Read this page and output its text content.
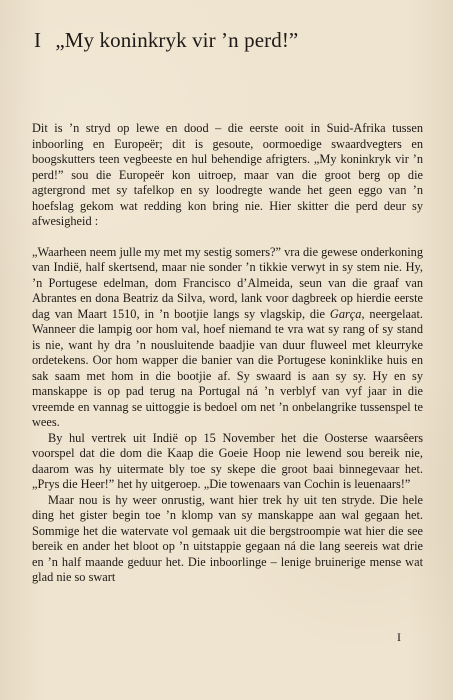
I „My koninkryk vir ’n perd!”

Dit is ’n stryd op lewe en dood – die eerste ooit in Suid-Afrika tussen inboorling en Europeër; dit is gesoute, oormoedige swaardvegters en boogskutters teen vegbeeste en hul behendige afrigters. „My koninkryk vir ’n perd!” sou die Europeër kon uitroep, maar van die groot berg op die agtergrond met sy tafelkop en sy loodregte wande het geen eggo van ’n hoefslag gekom wat redding kon bring nie. Hier skitter die perd deur sy afwesigheid :

„Waarheen neem julle my met my sestig somers?” vra die gewese onderkoning van Indië, half skertsend, maar nie sonder ’n tikkie verwyt in sy stem nie. Hy, ’n Portugese edelman, dom Francisco d’Almeida, seun van die graaf van Abrantes en dona Beatriz da Silva, word, lank voor dagbreek op hierdie eerste dag van Maart 1510, in ’n bootjie langs sy vlagskip, die Garça, neergelaat. Wanneer die lampig oor hom val, hoef niemand te vra wat sy rang of sy stand is nie, want hy dra ’n nousluitende baadjie van duur fluweel met kleurryke ordetekens. Oor hom wapper die banier van die Portugese koninklike huis en sak saam met hom in die bootjie af. Sy swaard is aan sy sy. Hy en sy manskappe is op pad terug na Portugal ná ’n verblyf van vyf jaar in die vreemde en vannag se uittoggie is bedoel om net ’n onbelangrike tussenspel te wees.

By hul vertrek uit Indië op 15 November het die Oosterse waarsêers voorspel dat die dom die Kaap die Goeie Hoop nie lewend sou bereik nie, daarom was hy uitermate bly toe sy skepe die groot baai binnegevaar het. „Prys die Heer!” het hy uitgeroep. „Die towenaars van Cochin is leuenaars!”

Maar nou is hy weer onrustig, want hier trek hy uit ten stryde. Die hele ding het gister begin toe ’n klomp van sy manskappe aan wal gegaan het. Sommige het die watervate vol gemaak uit die bergstroompie wat hier die see bereik en ander het bloot op ’n uitstappie gegaan ná die lang seereis wat drie en ’n half maande geduur het. Die inboorlinge – lenige bruinerige mense wat glad nie so swart

I
